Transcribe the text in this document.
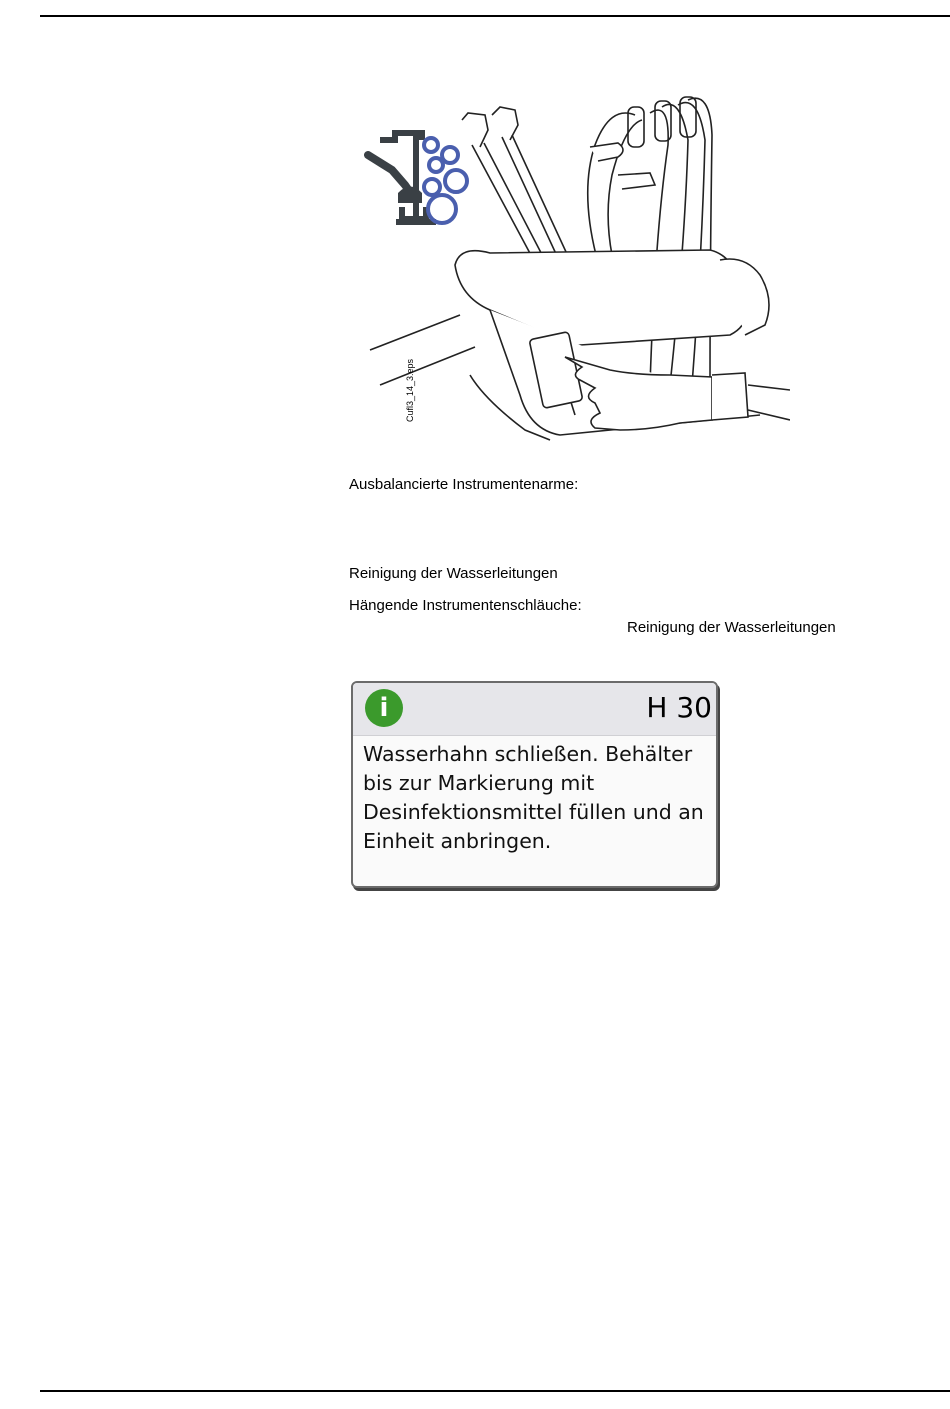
Cufl3_14_3.eps
Ausbalancierte Instrumentenarme:
Reinigung der Wasserleitungen
Hängende Instrumentenschläuche:
Reinigung der Wasserleitungen
i	H 30
Wasserhahn schließen. Behälter bis zur Markierung mit Desinfektionsmittel füllen und an Einheit anbringen.
